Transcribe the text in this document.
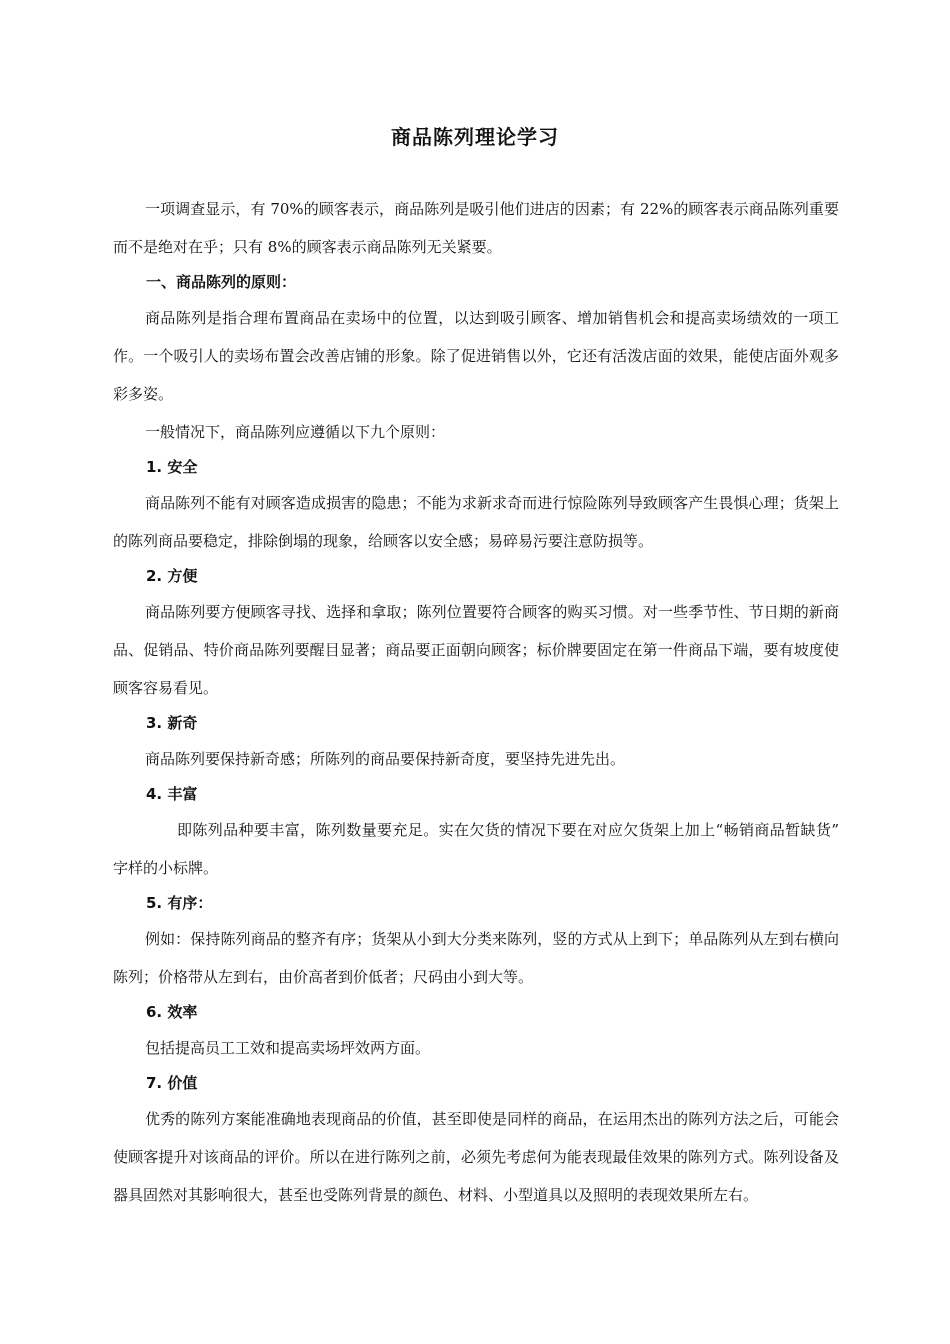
商品陈列理论学习

一项调查显示，有 70%的顾客表示，商品陈列是吸引他们进店的因素；有 22%的顾客表示商品陈列重要而不是绝对在乎；只有 8%的顾客表示商品陈列无关紧要。

一、商品陈列的原则：

商品陈列是指合理布置商品在卖场中的位置，以达到吸引顾客、增加销售机会和提高卖场绩效的一项工作。一个吸引人的卖场布置会改善店铺的形象。除了促进销售以外，它还有活泼店面的效果，能使店面外观多彩多姿。

一般情况下，商品陈列应遵循以下九个原则：

1. 安全

商品陈列不能有对顾客造成损害的隐患；不能为求新求奇而进行惊险陈列导致顾客产生畏惧心理；货架上的陈列商品要稳定，排除倒塌的现象，给顾客以安全感；易碎易污要注意防损等。

2. 方便

商品陈列要方便顾客寻找、选择和拿取；陈列位置要符合顾客的购买习惯。对一些季节性、节日期的新商品、促销品、特价商品陈列要醒目显著；商品要正面朝向顾客；标价牌要固定在第一件商品下端，要有坡度使顾客容易看见。

3. 新奇

商品陈列要保持新奇感；所陈列的商品要保持新奇度，要坚持先进先出。

4. 丰富

即陈列品种要丰富，陈列数量要充足。实在欠货的情况下要在对应欠货架上加上“畅销商品暂缺货” 字样的小标牌。

5. 有序：

例如：保持陈列商品的整齐有序；货架从小到大分类来陈列，竖的方式从上到下；单品陈列从左到右横向陈列；价格带从左到右，由价高者到价低者；尺码由小到大等。

6. 效率

包括提高员工工效和提高卖场坪效两方面。

7. 价值

优秀的陈列方案能准确地表现商品的价值，甚至即使是同样的商品，在运用杰出的陈列方法之后，可能会使顾客提升对该商品的评价。所以在进行陈列之前，必须先考虑何为能表现最佳效果的陈列方式。陈列设备及器具固然对其影响很大，甚至也受陈列背景的颜色、材料、小型道具以及照明的表现效果所左右。
